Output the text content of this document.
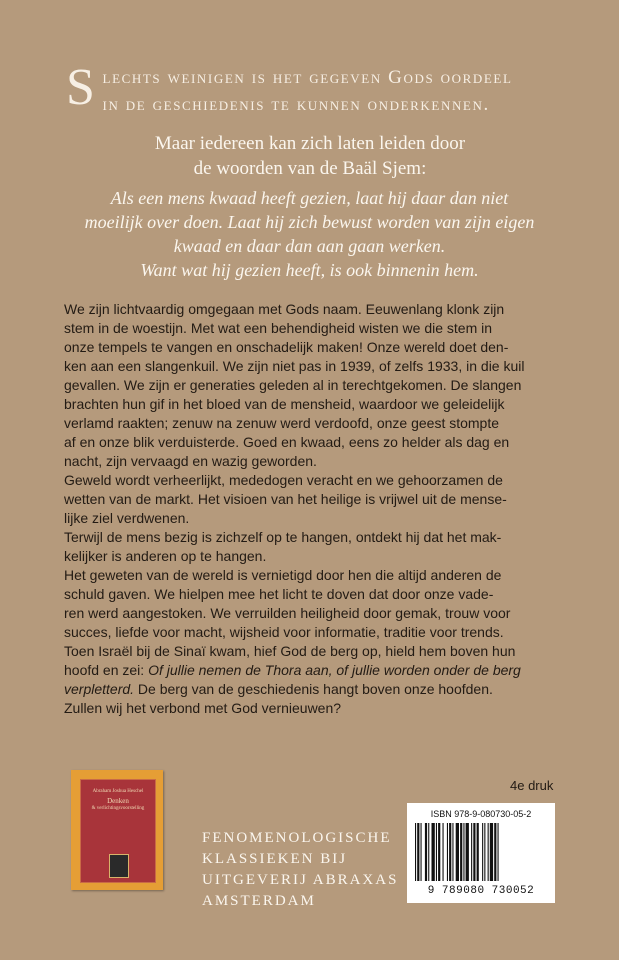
S lechts weinigen is het gegeven Gods oordeel
in de geschiedenis te kunnen onderkennen.
Maar iedereen kan zich laten leiden door
de woorden van de Baäl Sjem:
Als een mens kwaad heeft gezien, laat hij daar dan niet
moeilijk over doen. Laat hij zich bewust worden van zijn eigen
kwaad en daar dan aan gaan werken.
Want wat hij gezien heeft, is ook binnenin hem.
We zijn lichtvaardig omgegaan met Gods naam. Eeuwenlang klonk zijn
stem in de woestijn. Met wat een behendigheid wisten we die stem in
onze tempels te vangen en onschadelijk maken! Onze wereld doet den-
ken aan een slangenkuil. We zijn niet pas in 1939, of zelfs 1933, in die kuil
gevallen. We zijn er generaties geleden al in terechtgekomen. De slangen
brachten hun gif in het bloed van de mensheid, waardoor we geleidelijk
verlamd raakten; zenuw na zenuw werd verdoofd, onze geest stompte
af en onze blik verduisterde. Goed en kwaad, eens zo helder als dag en
nacht, zijn vervaagd en wazig geworden.
Geweld wordt verheerlijkt, mededogen veracht en we gehoorzamen de
wetten van de markt. Het visioen van het heilige is vrijwel uit de mense-
lijke ziel verdwenen.
Terwijl de mens bezig is zichzelf op te hangen, ontdekt hij dat het mak-
kelijker is anderen op te hangen.
Het geweten van de wereld is vernietigd door hen die altijd anderen de
schuld gaven. We hielpen mee het licht te doven dat door onze vade-
ren werd aangestoken. We verruilden heiligheid door gemak, trouw voor
succes, liefde voor macht, wijsheid voor informatie, traditie voor trends.
Toen Israël bij de Sinaï kwam, hief God de berg op, hield hem boven hun
hoofd en zei: Of jullie nemen de Thora aan, of jullie worden onder de berg
verpletterd. De berg van de geschiedenis hangt boven onze hoofden.
Zullen wij het verbond met God vernieuwen?
Abraham Joshua Heschel
Denken
& verlichtingsvoorstelling
FENOMENOLOGISCHE
KLASSIEKEN BIJ
UITGEVERIJ ABRAXAS
AMSTERDAM
4e druk
ISBN 978-9-080730-05-2
9 789080 730052
